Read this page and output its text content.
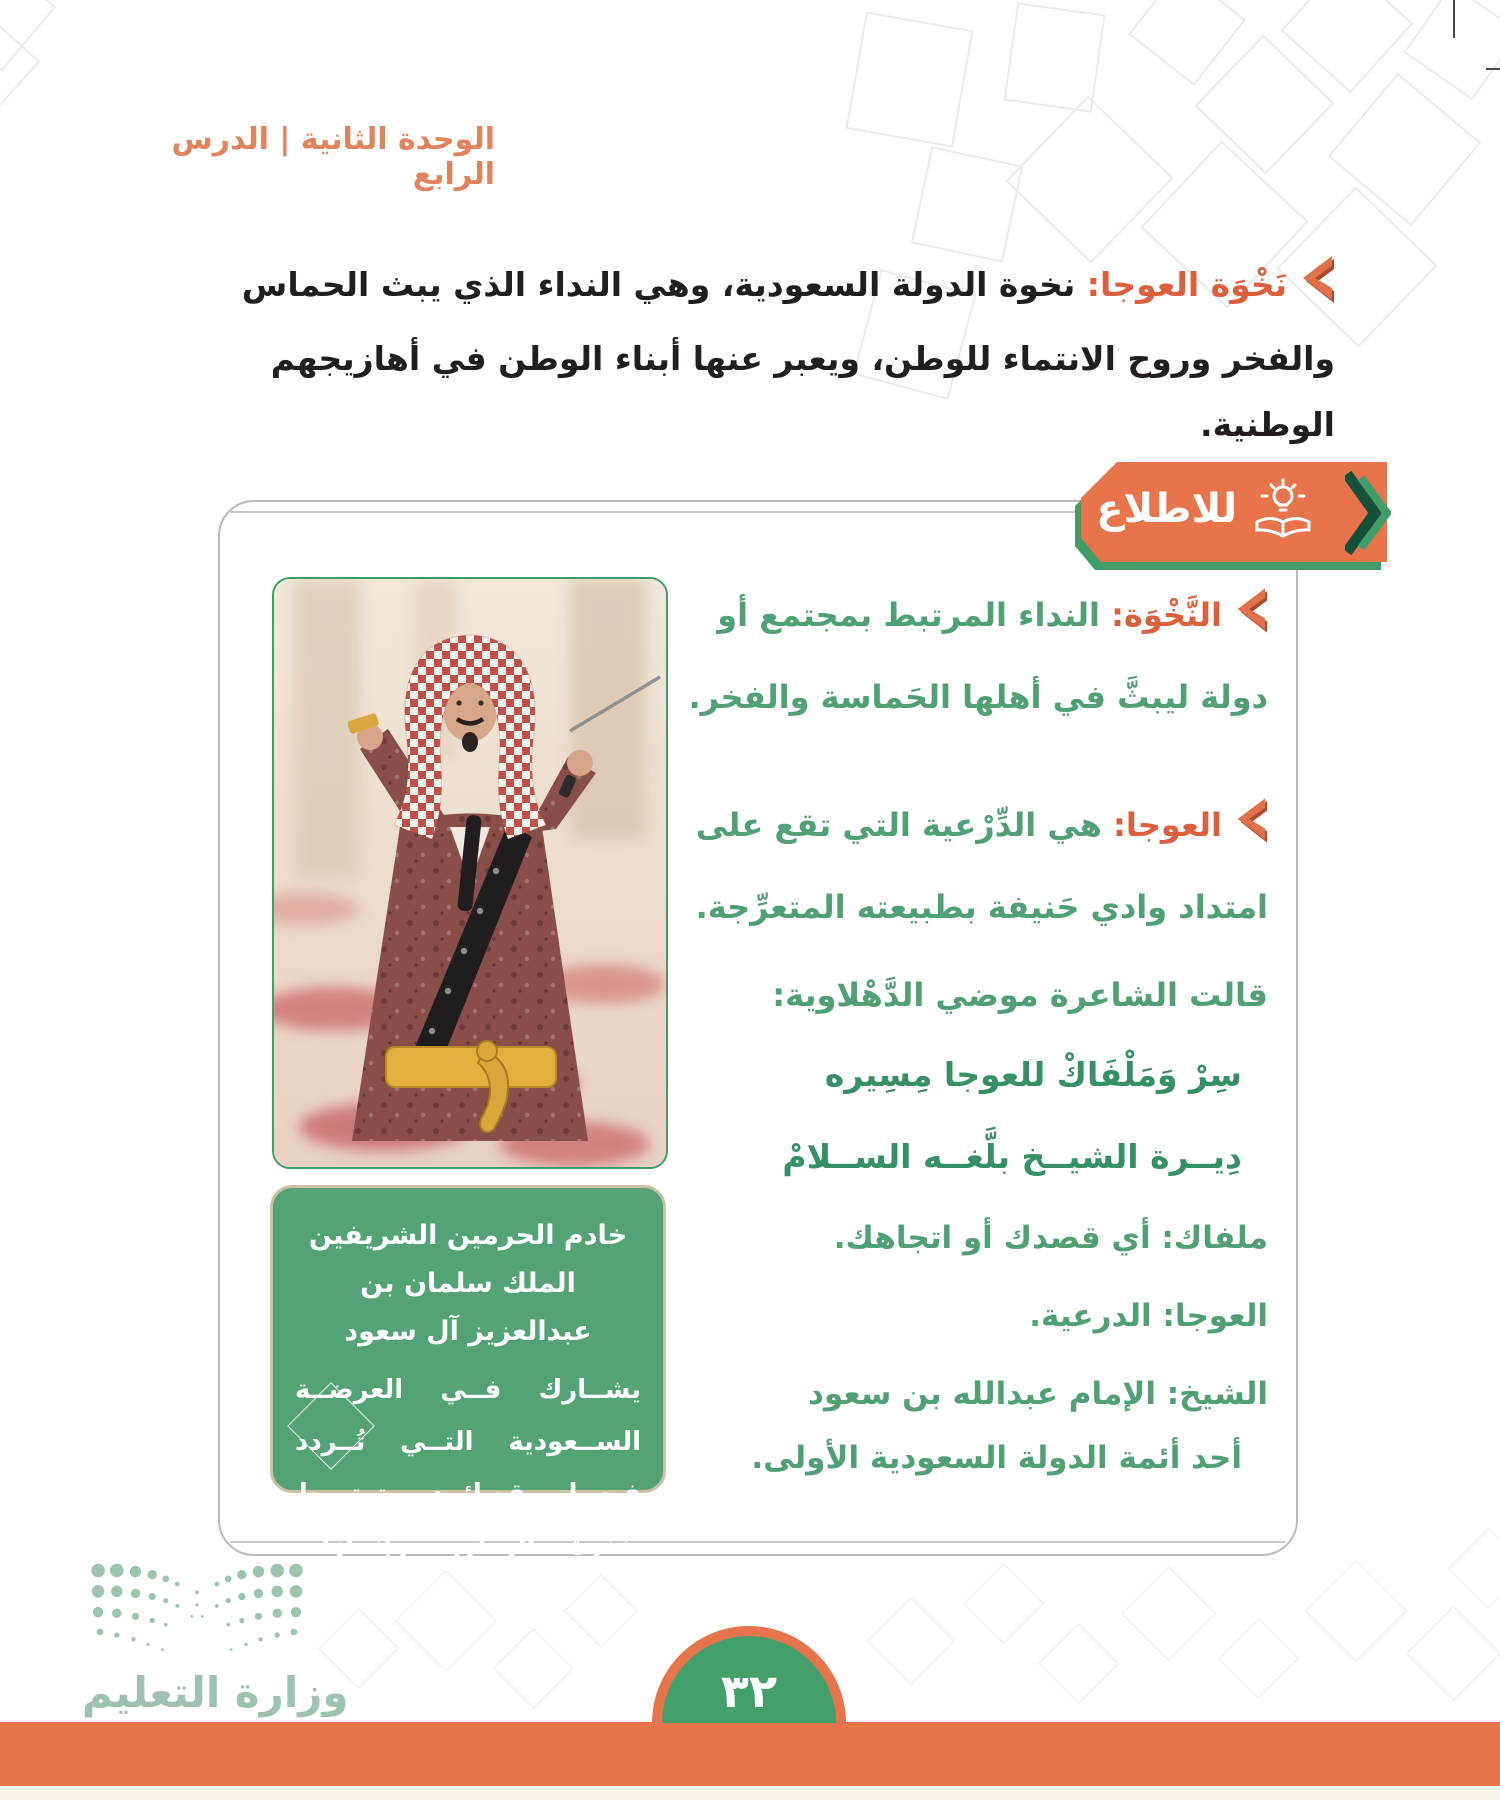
الوحدة الثانية | الدرس الرابع
نَخْوَة العوجا: نخوة الدولة السعودية، وهي النداء الذي يبث الحماس والفخر وروح الانتماء للوطن، ويعبر عنها أبناء الوطن في أهازيجهم الوطنية.
للاطلاع
خادم الحرمين الشريفين
الملك سلمان بن عبدالعزيز آل سعود
يشــارك فــي العرضــة الســعودية التــي تُــردد فيهــا قصائــد ترتبــط بنخوة الوطن، وإنجازات مؤسِّسِــيه.
النَّخْوَة: النداء المرتبط بمجتمع أو دولة ليبثَّ في أهلها الحَماسة والفخر.
العوجا: هي الدِّرْعية التي تقع على امتداد وادي حَنيفة بطبيعته المتعرِّجة.
قالت الشاعرة موضي الدَّهْلاوية:
سِرْ وَمَلْفَاكْ للعوجا مِسِيره
دِيــرة الشيــخ بلَّغــه الســلامْ
ملفاك: أي قصدك أو اتجاهك.
العوجا: الدرعية.
الشيخ: الإمام عبدالله بن سعود
أحد أئمة الدولة السعودية الأولى.
وزارة التعليم	٣٢
